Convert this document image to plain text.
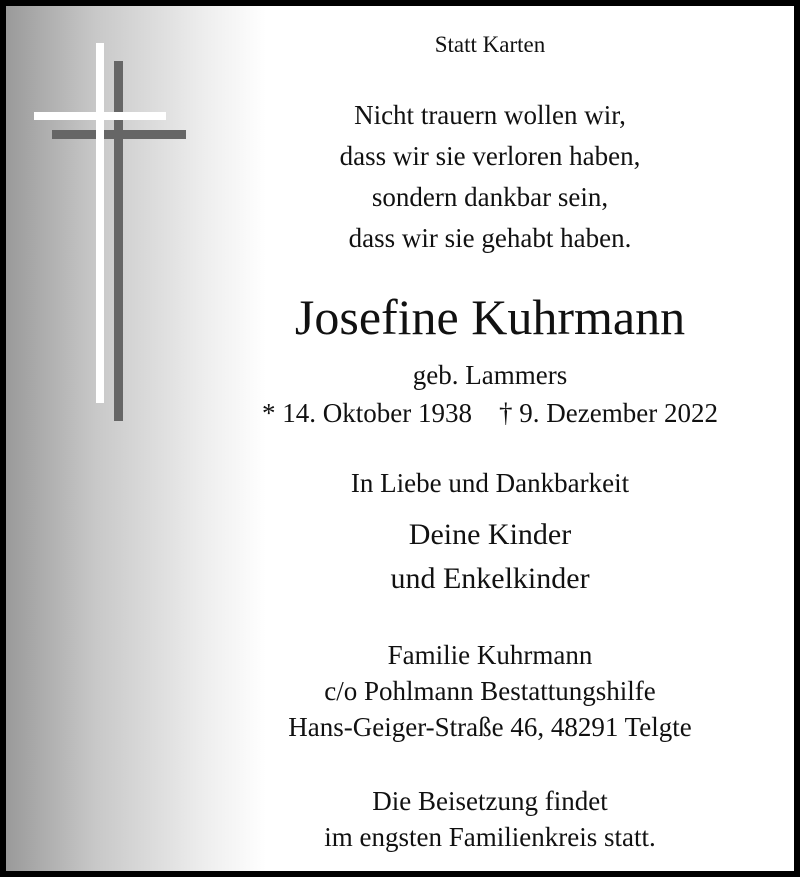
Statt Karten
Nicht trauern wollen wir,
dass wir sie verloren haben,
sondern dankbar sein,
dass wir sie gehabt haben.
Josefine Kuhrmann
geb. Lammers
* 14. Oktober 1938    † 9. Dezember 2022
In Liebe und Dankbarkeit
Deine Kinder
und Enkelkinder
Familie Kuhrmann
c/o Pohlmann Bestattungshilfe
Hans-Geiger-Straße 46, 48291 Telgte
Die Beisetzung findet
im engsten Familienkreis statt.
